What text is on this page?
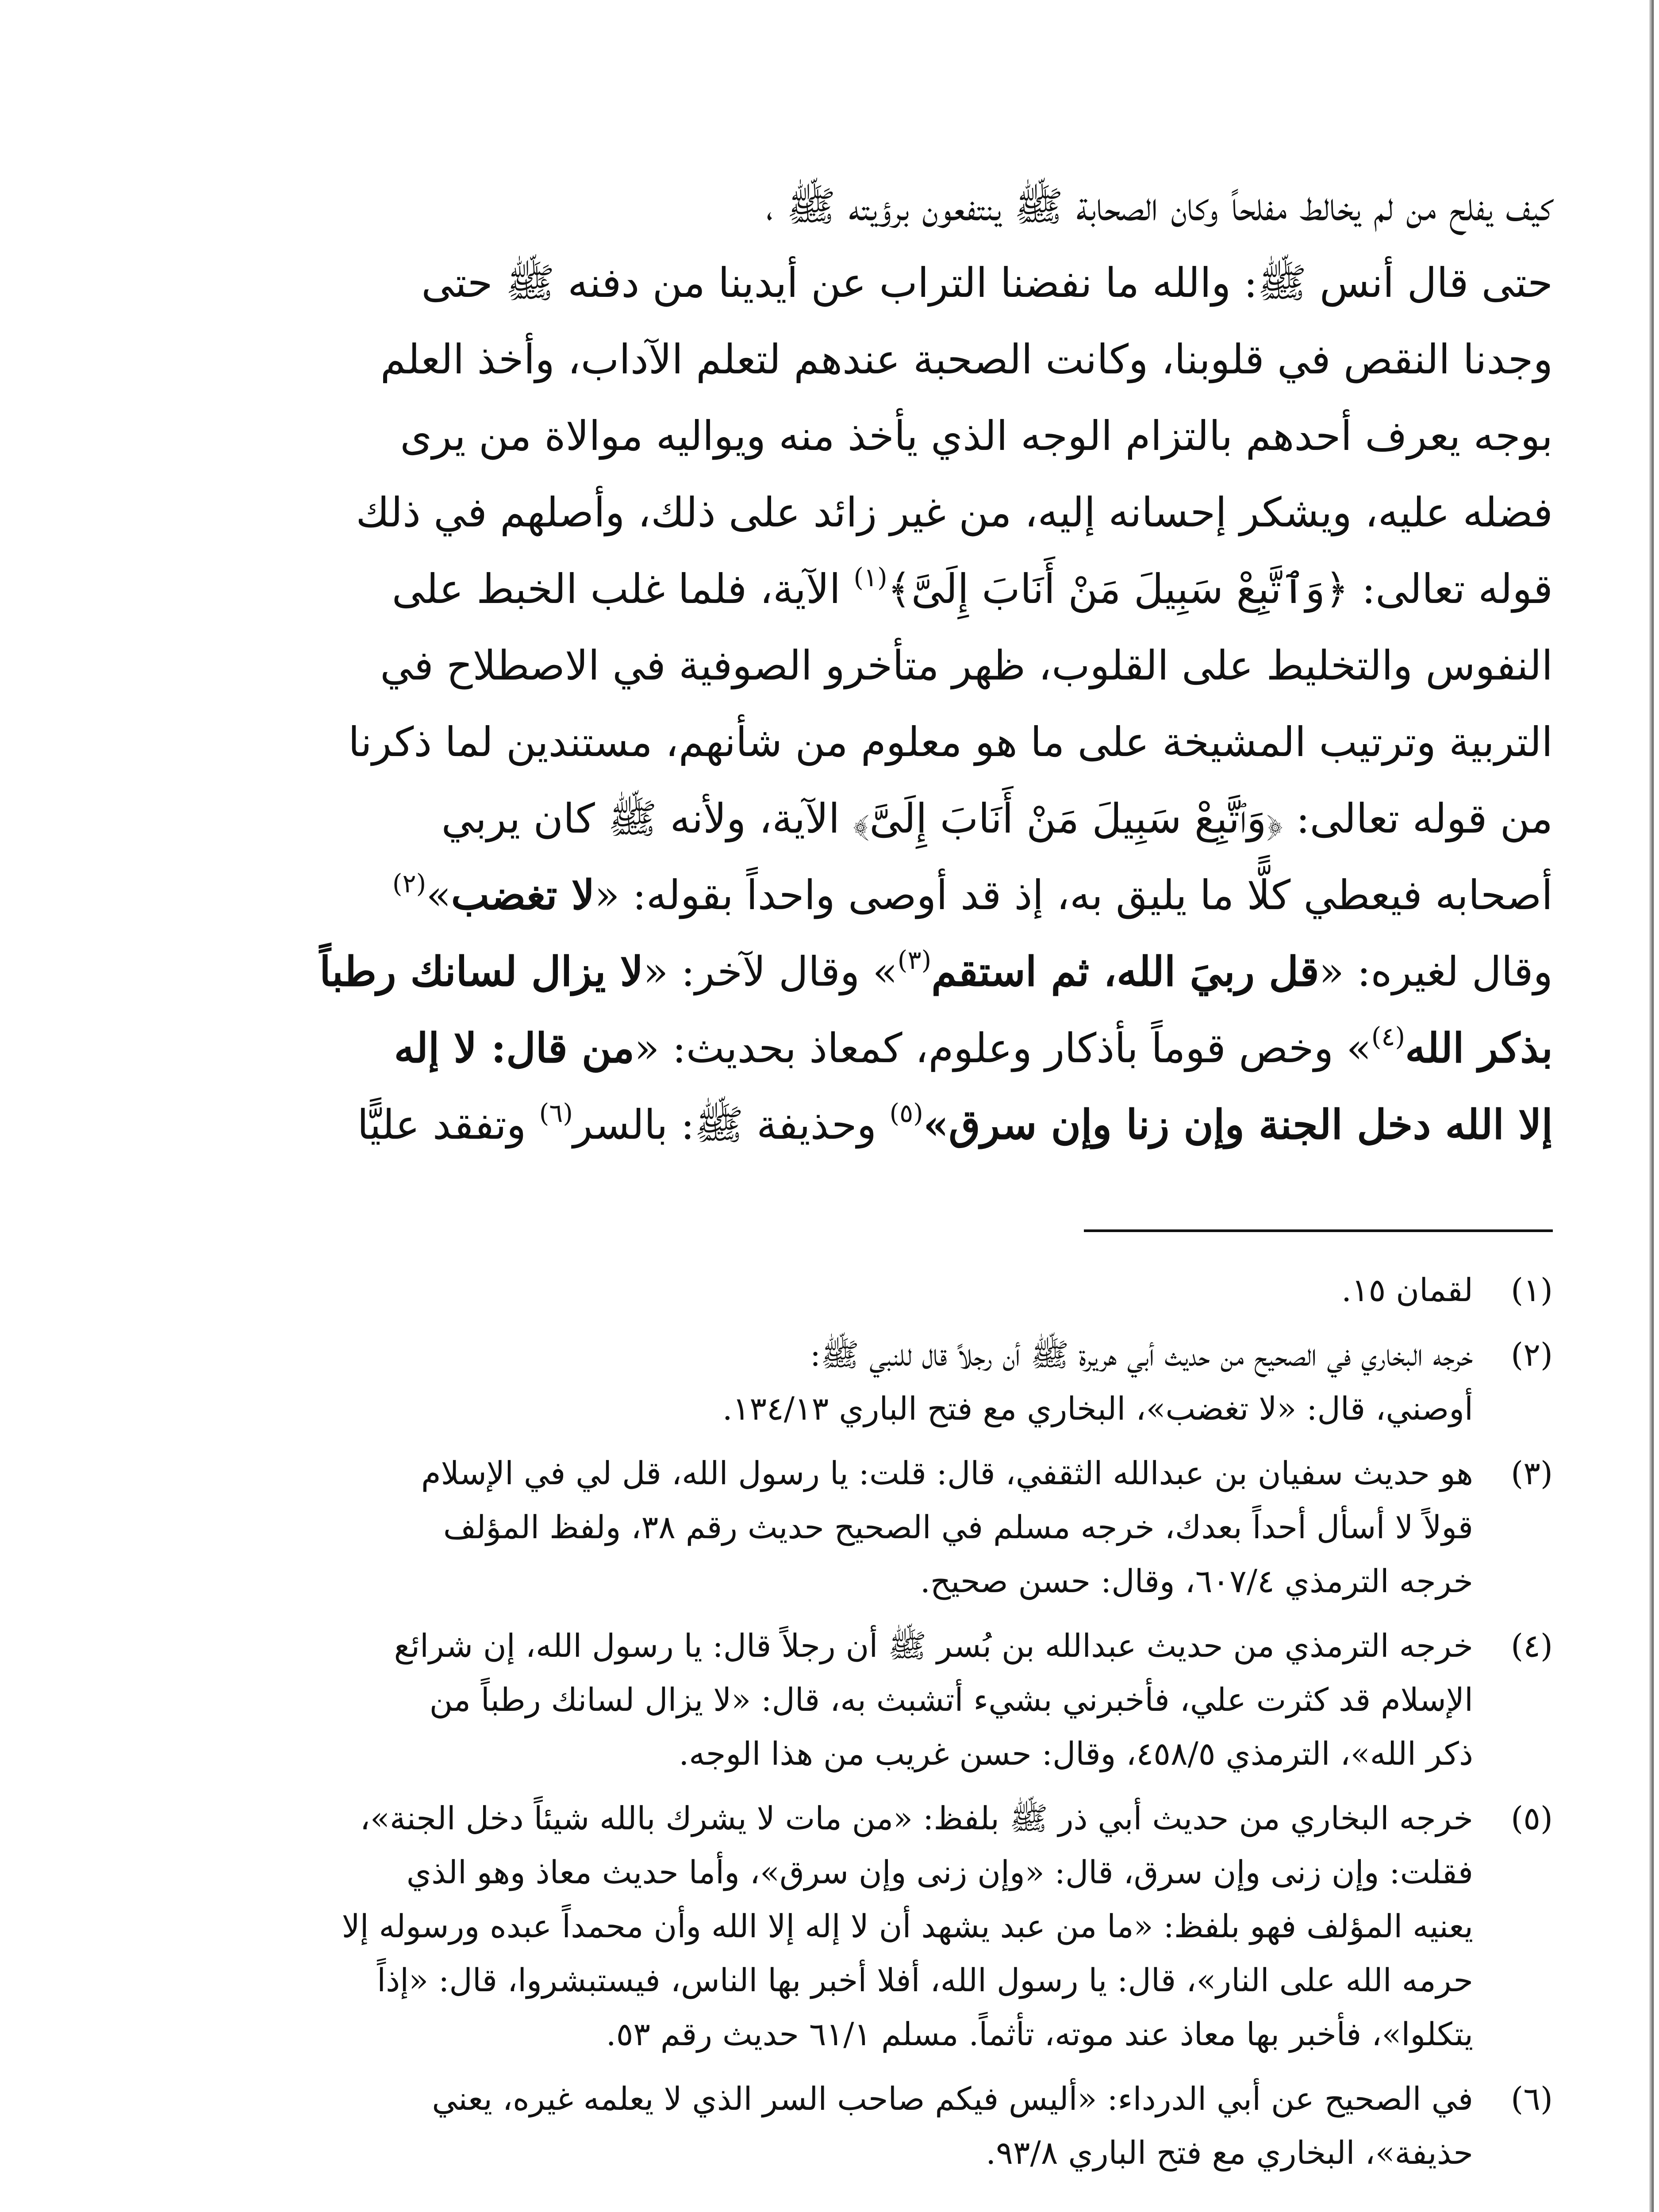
كيف يفلح من لم يخالط مفلحاً وكان الصحابة ﷺ ينتفعون برؤيته ﷺ ،
حتى قال أنس ﷺ: والله ما نفضنا التراب عن أيدينا من دفنه ﷺ حتى
وجدنا النقص في قلوبنا، وكانت الصحبة عندهم لتعلم الآداب، وأخذ العلم
بوجه يعرف أحدهم بالتزام الوجه الذي يأخذ منه ويواليه موالاة من يرى
فضله عليه، ويشكر إحسانه إليه، من غير زائد على ذلك، وأصلهم في ذلك
قوله تعالى: ﴿وَٱتَّبِعْ سَبِيلَ مَنْ أَنَابَ إِلَىَّ﴾$^{(١)}$ الآية، فلما غلب الخبط على
النفوس والتخليط على القلوب، ظهر متأخرو الصوفية في الاصطلاح في
التربية وترتيب المشيخة على ما هو معلوم من شأنهم، مستندين لما ذكرنا
من قوله تعالى: ﴿وَٱتَّبِعْ سَبِيلَ مَنْ أَنَابَ إِلَىَّ﴾ الآية، ولأنه ﷺ كان يربي
أصحابه فيعطي كلًّا ما يليق به، إذ قد أوصى واحداً بقوله: «لا تغضب»$^{(٢)}$
وقال لغيره: «قل ربيَ الله، ثم استقم$^{(٣)}$» وقال لآخر: «لا يزال لسانك رطباً
بذكر الله$^{(٤)}$» وخص قوماً بأذكار وعلوم، كمعاذ بحديث: «من قال: لا إله
إلا الله دخل الجنة وإن زنا وإن سرق»$^{(٥)}$ وحذيفة ﷺ: بالسر$^{(٦)}$ وتفقد عليًّا
(١)
لقمان ١٥.
(٢)
خرجه البخاري في الصحيح من حديث أبي هريرة ﷺ أن رجلاً قال للنبي ﷺ:
أوصني، قال: «لا تغضب»، البخاري مع فتح الباري ١٣٤/١٣.
(٣)
هو حديث سفيان بن عبدالله الثقفي، قال: قلت: يا رسول الله، قل لي في الإسلام
قولاً لا أسأل أحداً بعدك، خرجه مسلم في الصحيح حديث رقم ٣٨، ولفظ المؤلف
خرجه الترمذي ٦٠٧/٤، وقال: حسن صحيح.
(٤)
خرجه الترمذي من حديث عبدالله بن بُسر ﷺ أن رجلاً قال: يا رسول الله، إن شرائع
الإسلام قد كثرت علي، فأخبرني بشيء أتشبث به، قال: «لا يزال لسانك رطباً من
ذكر الله»، الترمذي ٤٥٨/٥، وقال: حسن غريب من هذا الوجه.
(٥)
خرجه البخاري من حديث أبي ذر ﷺ بلفظ: «من مات لا يشرك بالله شيئاً دخل الجنة»،
فقلت: وإن زنى وإن سرق، قال: «وإن زنى وإن سرق»، وأما حديث معاذ وهو الذي
يعنيه المؤلف فهو بلفظ: «ما من عبد يشهد أن لا إله إلا الله وأن محمداً عبده ورسوله إلا
حرمه الله على النار»، قال: يا رسول الله، أفلا أخبر بها الناس، فيستبشروا، قال: «إذاً
يتكلوا»، فأخبر بها معاذ عند موته، تأثماً. مسلم ٦١/١ حديث رقم ٥٣.
(٦)
في الصحيح عن أبي الدرداء: «أليس فيكم صاحب السر الذي لا يعلمه غيره، يعني
حذيفة»، البخاري مع فتح الباري ٩٣/٨.
